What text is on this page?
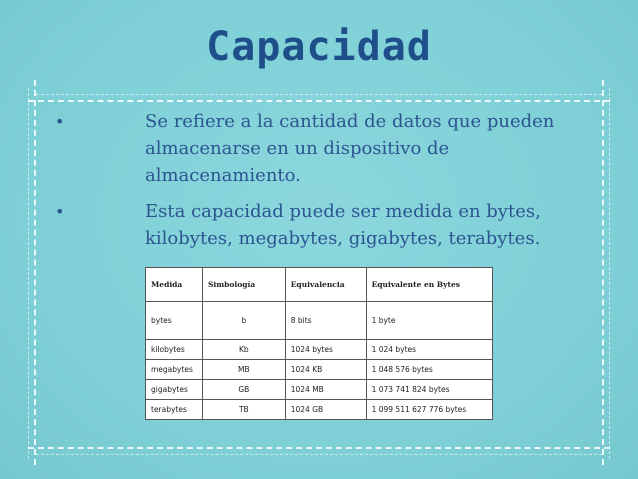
Capacidad
•	Se refiere a la cantidad de datos que pueden almacenarse en un dispositivo de almacenamiento.
•	Esta capacidad puede ser medida en bytes, kilobytes, megabytes, gigabytes, terabytes.
Medida	Simbología	Equivalencia	Equivalente en Bytes
bytes	b	8 bits	1 byte
kilobytes	Kb	1024 bytes	1 024 bytes
megabytes	MB	1024 KB	1 048 576 bytes
gigabytes	GB	1024 MB	1 073 741 824 bytes
terabytes	TB	1024 GB	1 099 511 627 776 bytes
